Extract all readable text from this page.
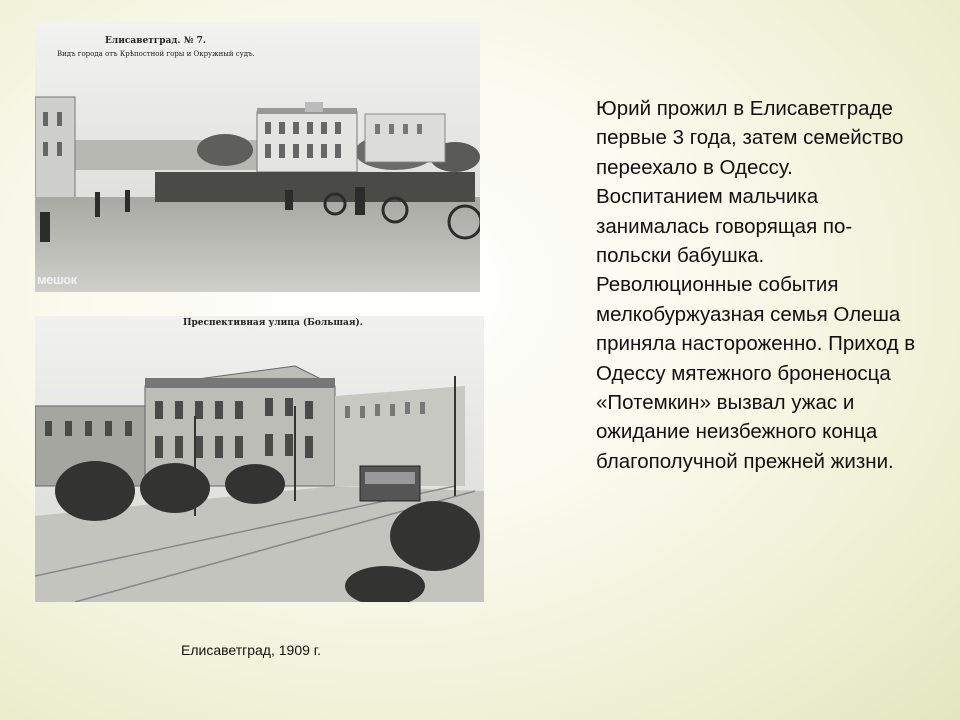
Елисаветград. № 7.
Видъ города отъ Крѣпостной горы и Окружный судъ.
мешок
Преспективная улица (Большая).
Юрий прожил в Елисаветграде первые 3 года, затем семейство переехало в Одессу. Воспитанием мальчика занималась говорящая по-польски бабушка. Революционные события мелкобуржуазная семья Олеша приняла настороженно. Приход в Одессу мятежного броненосца «Потемкин» вызвал ужас и ожидание неизбежного конца благополучной прежней жизни.
Елисаветград, 1909 г.
